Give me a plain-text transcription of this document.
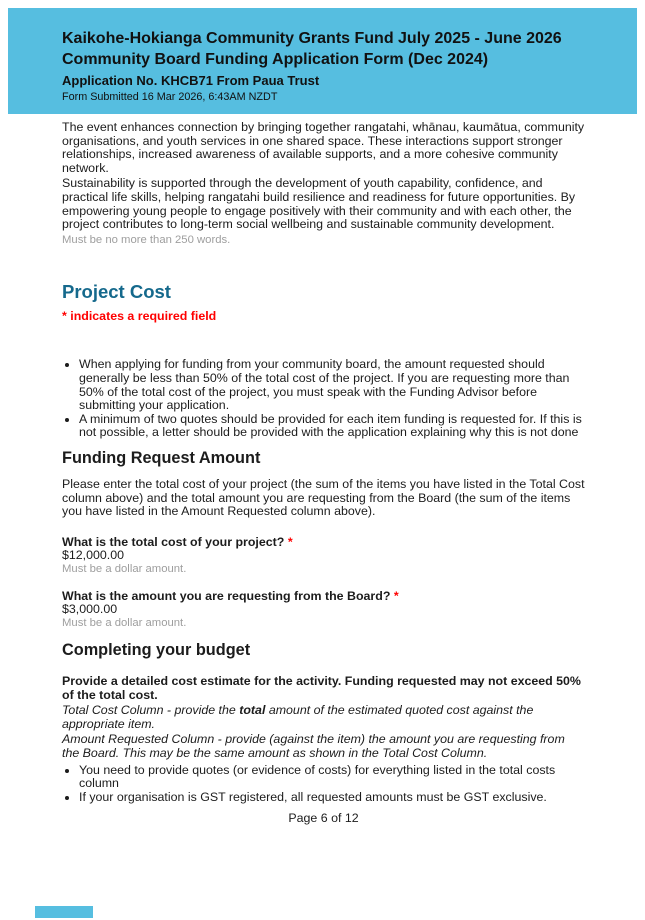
Kaikohe-Hokianga Community Grants Fund July 2025 - June 2026 Community Board Funding Application Form (Dec 2024)
Application No. KHCB71 From Paua Trust
Form Submitted 16 Mar 2026, 6:43AM NZDT

The event enhances connection by bringing together rangatahi, whānau, kaumātua, community organisations, and youth services in one shared space. These interactions support stronger relationships, increased awareness of available supports, and a more cohesive community network.

Sustainability is supported through the development of youth capability, confidence, and practical life skills, helping rangatahi build resilience and readiness for future opportunities. By empowering young people to engage positively with their community and with each other, the project contributes to long-term social wellbeing and sustainable community development.

Must be no more than 250 words.
Project Cost
* indicates a required field
• When applying for funding from your community board, the amount requested should generally be less than 50% of the total cost of the project. If you are requesting more than 50% of the total cost of the project, you must speak with the Funding Advisor before submitting your application.
• A minimum of two quotes should be provided for each item funding is requested for. If this is not possible, a letter should be provided with the application explaining why this is not done
Funding Request Amount

Please enter the total cost of your project (the sum of the items you have listed in the Total Cost column above) and the total amount you are requesting from the Board (the sum of the items you have listed in the Amount Requested column above).

What is the total cost of your project? *
$12,000.00
Must be a dollar amount.
What is the amount you are requesting from the Board? *
$3,000.00
Must be a dollar amount.
Completing your budget

Provide a detailed cost estimate for the activity. Funding requested may not exceed 50% of the total cost.

Total Cost Column - provide the total amount of the estimated quoted cost against the appropriate item.

Amount Requested Column - provide (against the item) the amount you are requesting from the Board. This may be the same amount as shown in the Total Cost Column.

• You need to provide quotes (or evidence of costs) for everything listed in the total costs column
• If your organisation is GST registered, all requested amounts must be GST exclusive.
Page 6 of 12
